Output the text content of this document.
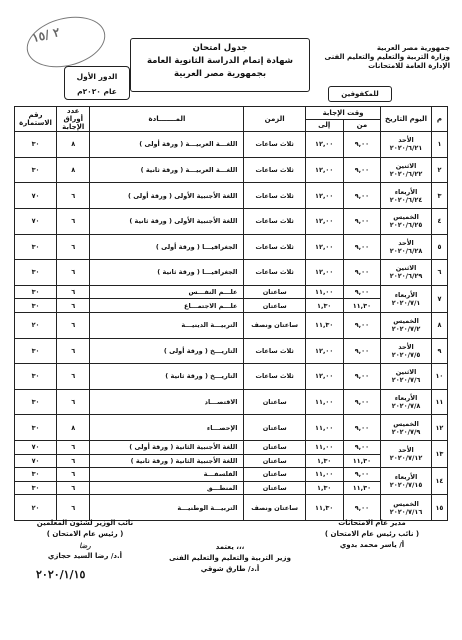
٢ /١٥
جمهورية مصر العربية
وزارة التربية والتعليم والتعليم الفنى
الإدارة العامة للامتحانات
جدول امتحان
شهادة إتمام الدراسة الثانوية العامة
بجمهورية مصر العربية
للمكفوفين
الدور الأول
عام ٢٠٢٠م
م	اليوم التاريخ	وقت الإجابة		الزمن	المـــــــادة	عدد أوراق الإجابة	رقم الاستمارة
		من	إلى				
١	الأحد
٢٠٢٠/٦/٢١	٩,٠٠	١٢,٠٠	ثلاث ساعات	اللغـــة العربيـــة ( ورقة أولى )	٨	٣٠
٢	الاثنين
٢٠٢٠/٦/٢٢	٩,٠٠	١٢,٠٠	ثلاث ساعات	اللغـــة العربيـــة ( ورقة ثانية )	٨	٣٠
٣	الأربعاء
٢٠٢٠/٦/٢٤	٩,٠٠	١٢,٠٠	ثلاث ساعات	اللغة الأجنبية الأولى ( ورقة أولى )	٦	٧٠
٤	الخميس
٢٠٢٠/٦/٢٥	٩,٠٠	١٢,٠٠	ثلاث ساعات	اللغة الأجنبية الأولى ( ورقة ثانية )	٦	٧٠
٥	الأحد
٢٠٢٠/٦/٢٨	٩,٠٠	١٢,٠٠	ثلاث ساعات	الجغرافيـــا ( ورقة أولى )	٦	٣٠
٦	الاثنين
٢٠٢٠/٦/٢٩	٩,٠٠	١٢,٠٠	ثلاث ساعات	الجغرافيـــا ( ورقة ثانية )	٦	٣٠
٧	الأربعاء
٢٠٢٠/٧/١	٩,٠٠	١١,٠٠	ساعتان	علـــم النفـــس	٦	٣٠
		١١,٣٠	١,٣٠	ساعتان	علـــم الاجتمـــاع	٦	٣٠
٨	الخميس
٢٠٢٠/٧/٢	٩,٠٠	١١,٣٠	ساعتان ونصف	التربيـــة الدينيـــة	٦	٢٠
٩	الأحد
٢٠٢٠/٧/٥	٩,٠٠	١٢,٠٠	ثلاث ساعات	التاريـــخ ( ورقة أولى )	٦	٣٠
١٠	الاثنين
٢٠٢٠/٧/٦	٩,٠٠	١٢,٠٠	ثلاث ساعات	التاريـــخ ( ورقة ثانية )	٦	٣٠
١١	الأربعاء
٢٠٢٠/٧/٨	٩,٠٠	١١,٠٠	ساعتان	الاقتصـــاد	٦	٣٠
١٢	الخميس
٢٠٢٠/٧/٩	٩,٠٠	١١,٠٠	ساعتان	الإحصـــاء	٨	٣٠
١٣	الأحد
٢٠٢٠/٧/١٢	٩,٠٠	١١,٠٠	ساعتان	اللغة الأجنبية الثانية ( ورقة أولى )	٦	٧٠
		١١,٣٠	١,٣٠	ساعتان	اللغة الأجنبية الثانية ( ورقة ثانية )	٦	٧٠
١٤	الأربعاء
٢٠٢٠/٧/١٥	٩,٠٠	١١,٠٠	ساعتان	الفلسفـــة	٦	٣٠
		١١,٣٠	١,٣٠	ساعتان	المنطـــق	٦	٣٠
١٥	الخميس
٢٠٢٠/٧/١٦	٩,٠٠	١١,٣٠	ساعتان ونصف	التربيـــة الوطنيـــة	٦	٢٠
مدير عام الامتحانات
( نائب رئيس عام الامتحان )
أ/ ياسر محمد بدوي
نائب الوزير لشئون المعلمين
( رئيس عام الامتحان )
رضا
أ.د/ رضا السيد حجازي
يعتمد ،،،
وزير التربية والتعليم والتعليم الفنى
أ.د/ طارق شوقي
٢٠٢٠/١/١٥
